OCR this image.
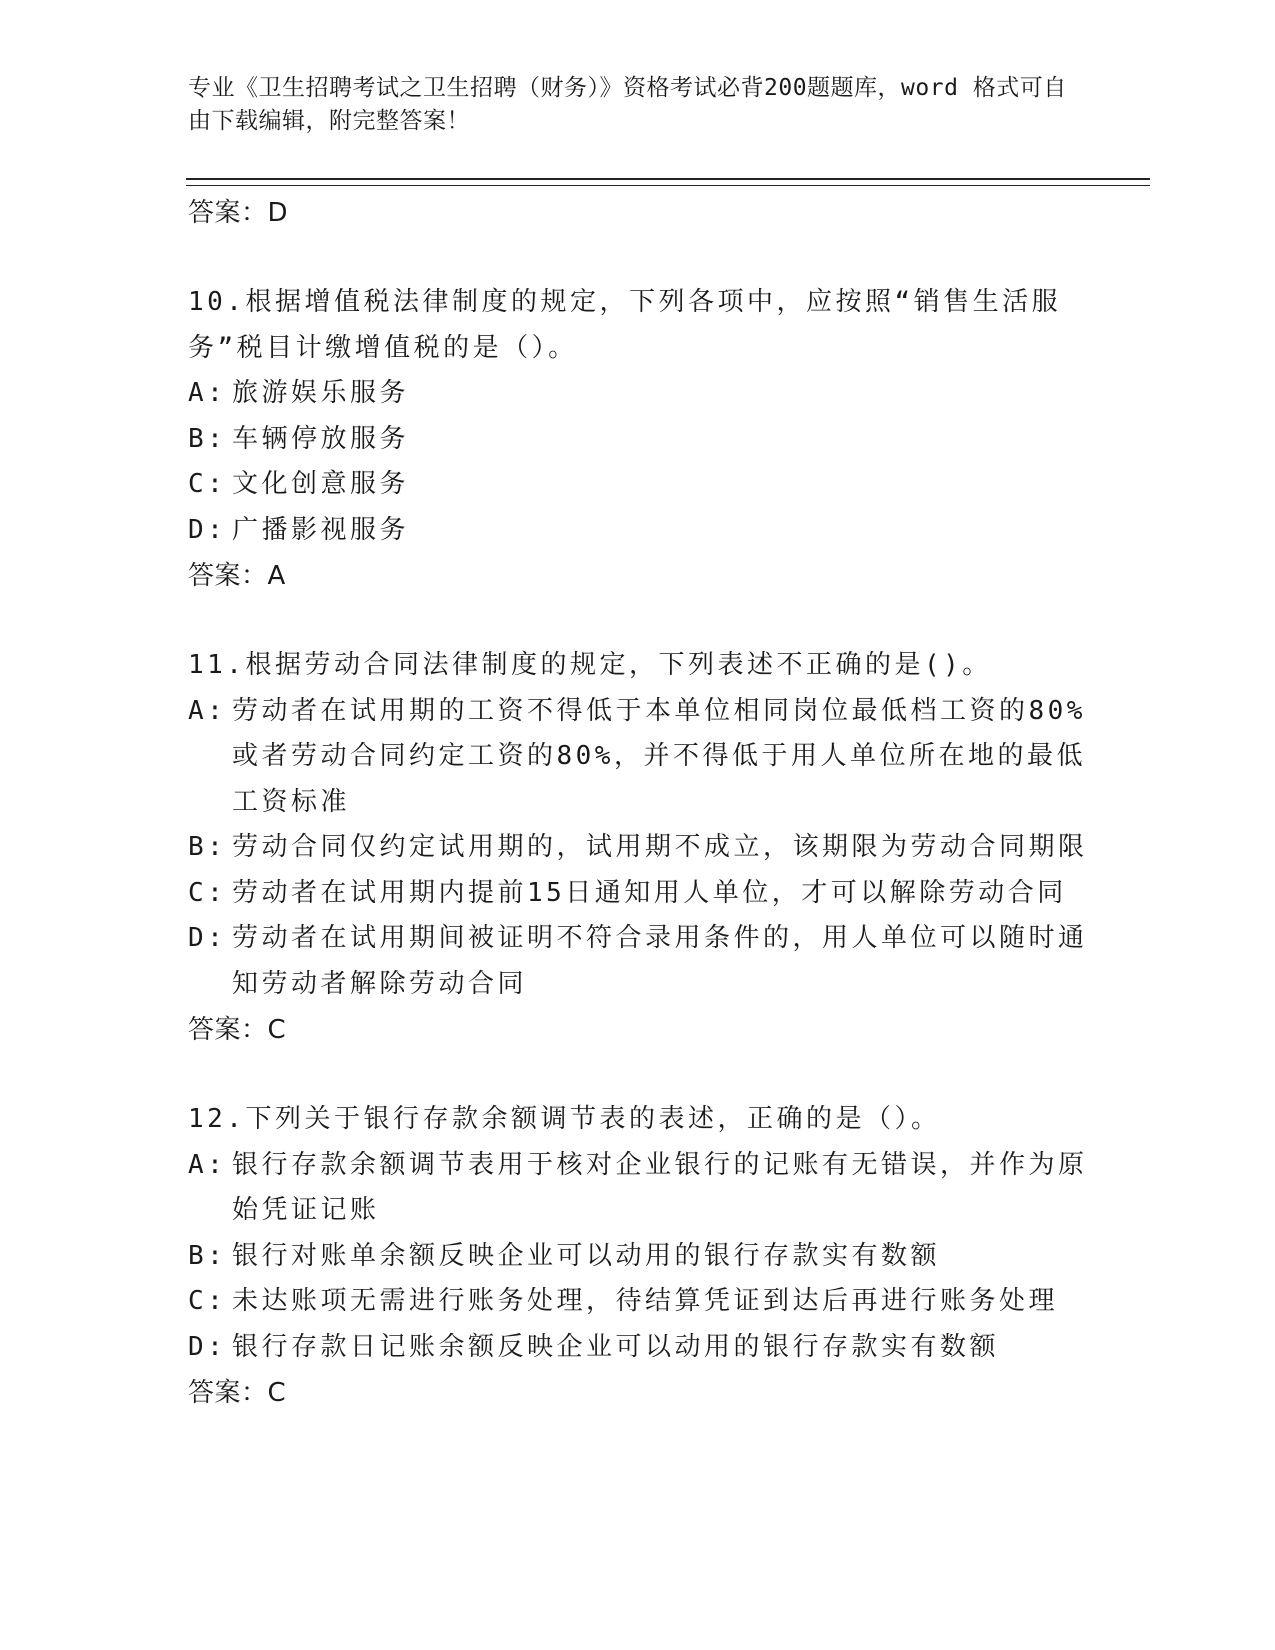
专业《卫生招聘考试之卫生招聘（财务）》资格考试必背200题题库，word 格式可自由下载编辑，附完整答案！
答案：D

10.根据增值税法律制度的规定，下列各项中，应按照“销售生活服务”税目计缴增值税的是（）。

A: 旅游娱乐服务
B: 车辆停放服务
C: 文化创意服务
D: 广播影视服务
答案：A

11.根据劳动合同法律制度的规定，下列表述不正确的是()。

A: 劳动者在试用期的工资不得低于本单位相同岗位最低档工资的80%或者劳动合同约定工资的80%，并不得低于用人单位所在地的最低工资标准
B: 劳动合同仅约定试用期的，试用期不成立，该期限为劳动合同期限
C: 劳动者在试用期内提前15日通知用人单位，才可以解除劳动合同
D: 劳动者在试用期间被证明不符合录用条件的，用人单位可以随时通知劳动者解除劳动合同
答案：C

12.下列关于银行存款余额调节表的表述，正确的是（）。

A: 银行存款余额调节表用于核对企业银行的记账有无错误，并作为原始凭证记账
B: 银行对账单余额反映企业可以动用的银行存款实有数额
C: 未达账项无需进行账务处理，待结算凭证到达后再进行账务处理
D: 银行存款日记账余额反映企业可以动用的银行存款实有数额
答案：C
